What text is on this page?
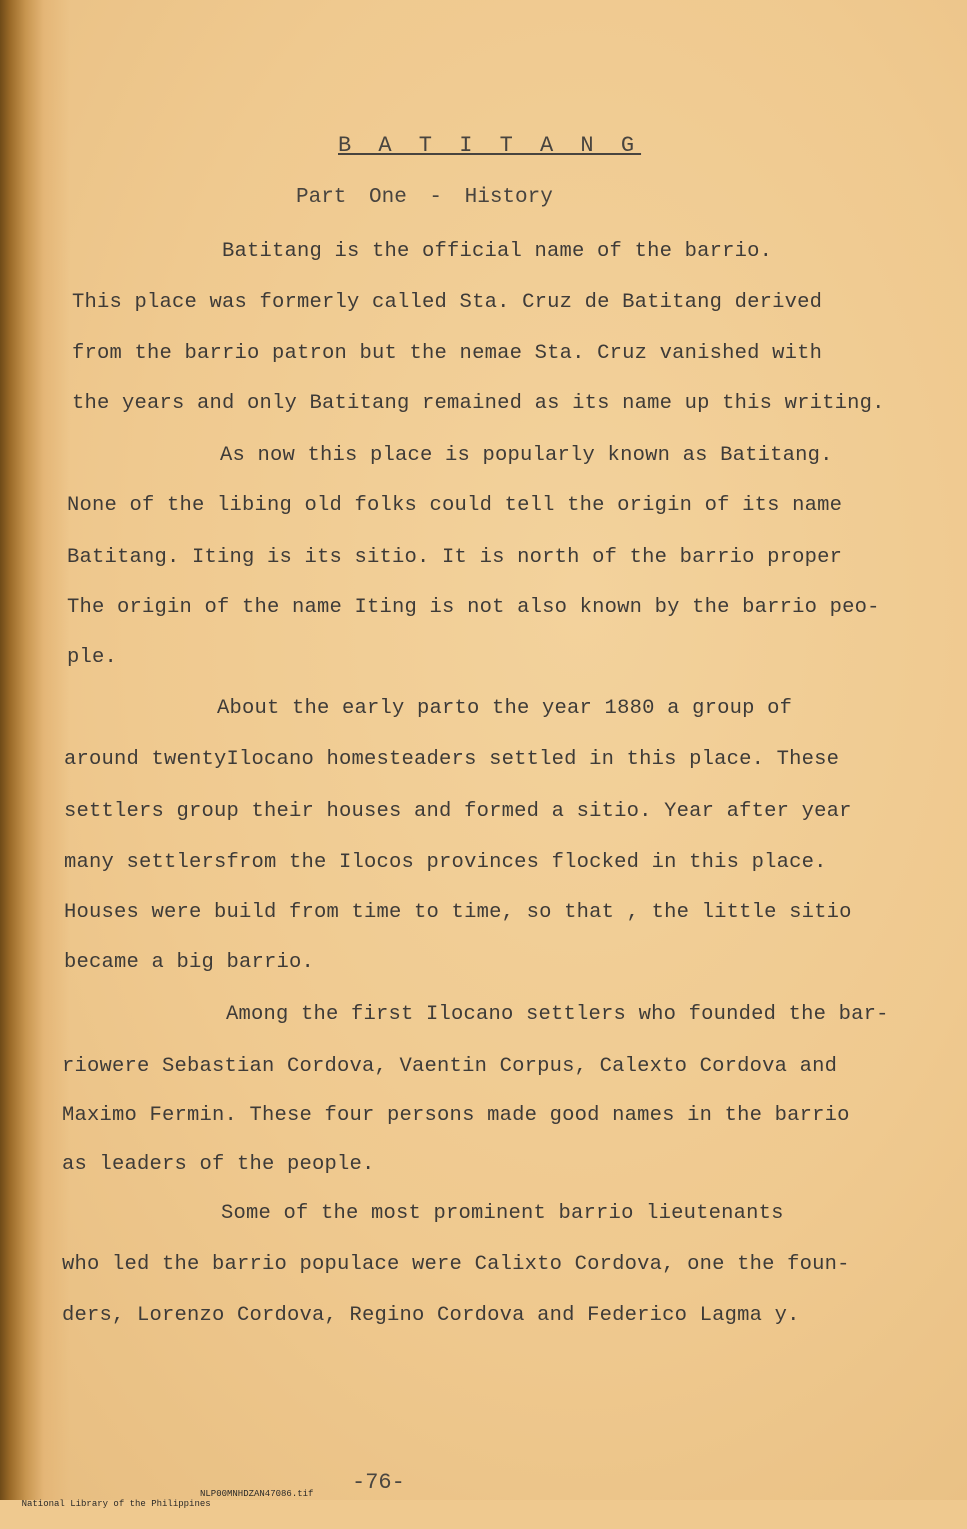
B A T I T A N G
Part One - History
Batitang is the official name of the barrio.
This place was formerly called Sta. Cruz de Batitang derived
from the barrio patron but the nemae Sta. Cruz vanished with
the years and only Batitang remained as its name up this writing.
As now this place is popularly known as Batitang.
None of the libing old folks could tell the origin of its name
Batitang. Iting is its sitio. It is north of the barrio proper
The origin of the name Iting is not also known by the barrio peo-
ple.
About the early parto the year 1880 a group of
around twentyIlocano homesteaders settled in this place. These
settlers group their houses and formed a sitio. Year after year
many settlersfrom the Ilocos provinces flocked in this place.
Houses were build from time to time, so that , the little sitio
became a big barrio.
Among the first Ilocano settlers who founded the bar-
riowere Sebastian Cordova, Vaentin Corpus, Calexto Cordova and
Maximo Fermin. These four persons made good names in the barrio
as leaders of the people.
Some of the most prominent barrio lieutenants
who led the barrio populace were Calixto Cordova, one the foun-
ders, Lorenzo Cordova, Regino Cordova and Federico Lagma y.
-76-

National Library of the Philippines

NLP00MNHDZAN47086.tif
